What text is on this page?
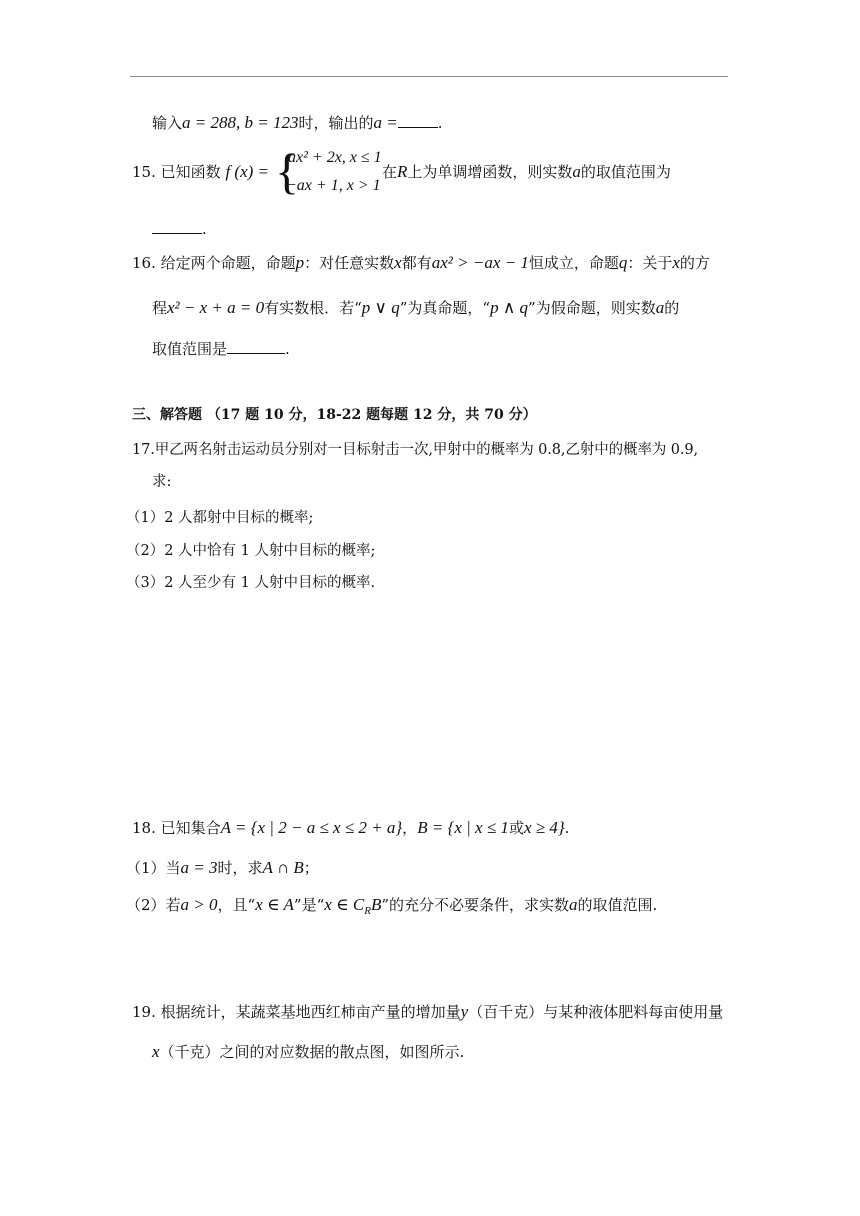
输入a = 288, b = 123时，输出的a =	.
15. 已知函数 f (x) = {
ax² + 2x, x ≤ 1
−ax + 1, x > 1
在R上为单调增函数，则实数a的取值范围为
.
16. 给定两个命题，命题p：对任意实数x都有ax² > −ax − 1恒成立，命题q：关于x的方
程x² − x + a = 0有实数根．若“p ∨ q”为真命题，“p ∧ q”为假命题，则实数a的
取值范围是	.
三、解答题 （17 题 10 分，18-22 题每题 12 分，共 70 分）
17.甲乙两名射击运动员分别对一目标射击一次,甲射中的概率为 0.8,乙射中的概率为 0.9,
求:
（1）2 人都射中目标的概率;
（2）2 人中恰有 1 人射中目标的概率;
（3）2 人至少有 1 人射中目标的概率.
18. 已知集合A = {x | 2 − a ≤ x ≤ 2 + a}，B = {x | x ≤ 1或x ≥ 4}.
（1）当a = 3时，求A ∩ B；
（2）若a > 0，且“x ∈ A”是“x ∈ $C_RB$”的充分不必要条件，求实数a的取值范围.
19. 根据统计，某蔬菜基地西红柿亩产量的增加量y（百千克）与某种液体肥料每亩使用量
x（千克）之间的对应数据的散点图，如图所示.
